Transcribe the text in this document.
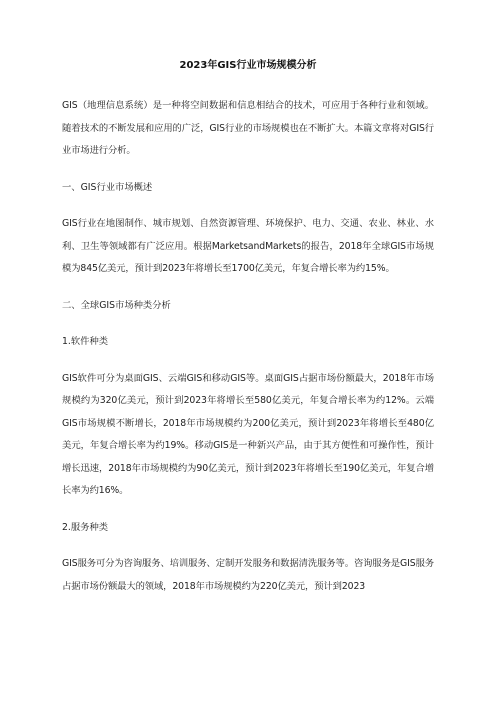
2023年GIS行业市场规模分析

GIS（地理信息系统）是一种将空间数据和信息相结合的技术，可应用于各种行业和领域。随着技术的不断发展和应用的广泛，GIS行业的市场规模也在不断扩大。本篇文章将对GIS行业市场进行分析。

一、GIS行业市场概述

GIS行业在地图制作、城市规划、自然资源管理、环境保护、电力、交通、农业、林业、水利、卫生等领域都有广泛应用。根据MarketsandMarkets的报告，2018年全球GIS市场规模为845亿美元，预计到2023年将增长至1700亿美元，年复合增长率为约15%。

二、全球GIS市场种类分析

1.软件种类

GIS软件可分为桌面GIS、云端GIS和移动GIS等。桌面GIS占据市场份额最大，2018年市场规模约为320亿美元，预计到2023年将增长至580亿美元，年复合增长率为约12%。云端GIS市场规模不断增长，2018年市场规模约为200亿美元，预计到2023年将增长至480亿美元，年复合增长率为约19%。移动GIS是一种新兴产品，由于其方便性和可操作性，预计增长迅速，2018年市场规模约为90亿美元，预计到2023年将增长至190亿美元，年复合增长率为约16%。

2.服务种类

GIS服务可分为咨询服务、培训服务、定制开发服务和数据清洗服务等。咨询服务是GIS服务占据市场份额最大的领域，2018年市场规模约为220亿美元，预计到2023
